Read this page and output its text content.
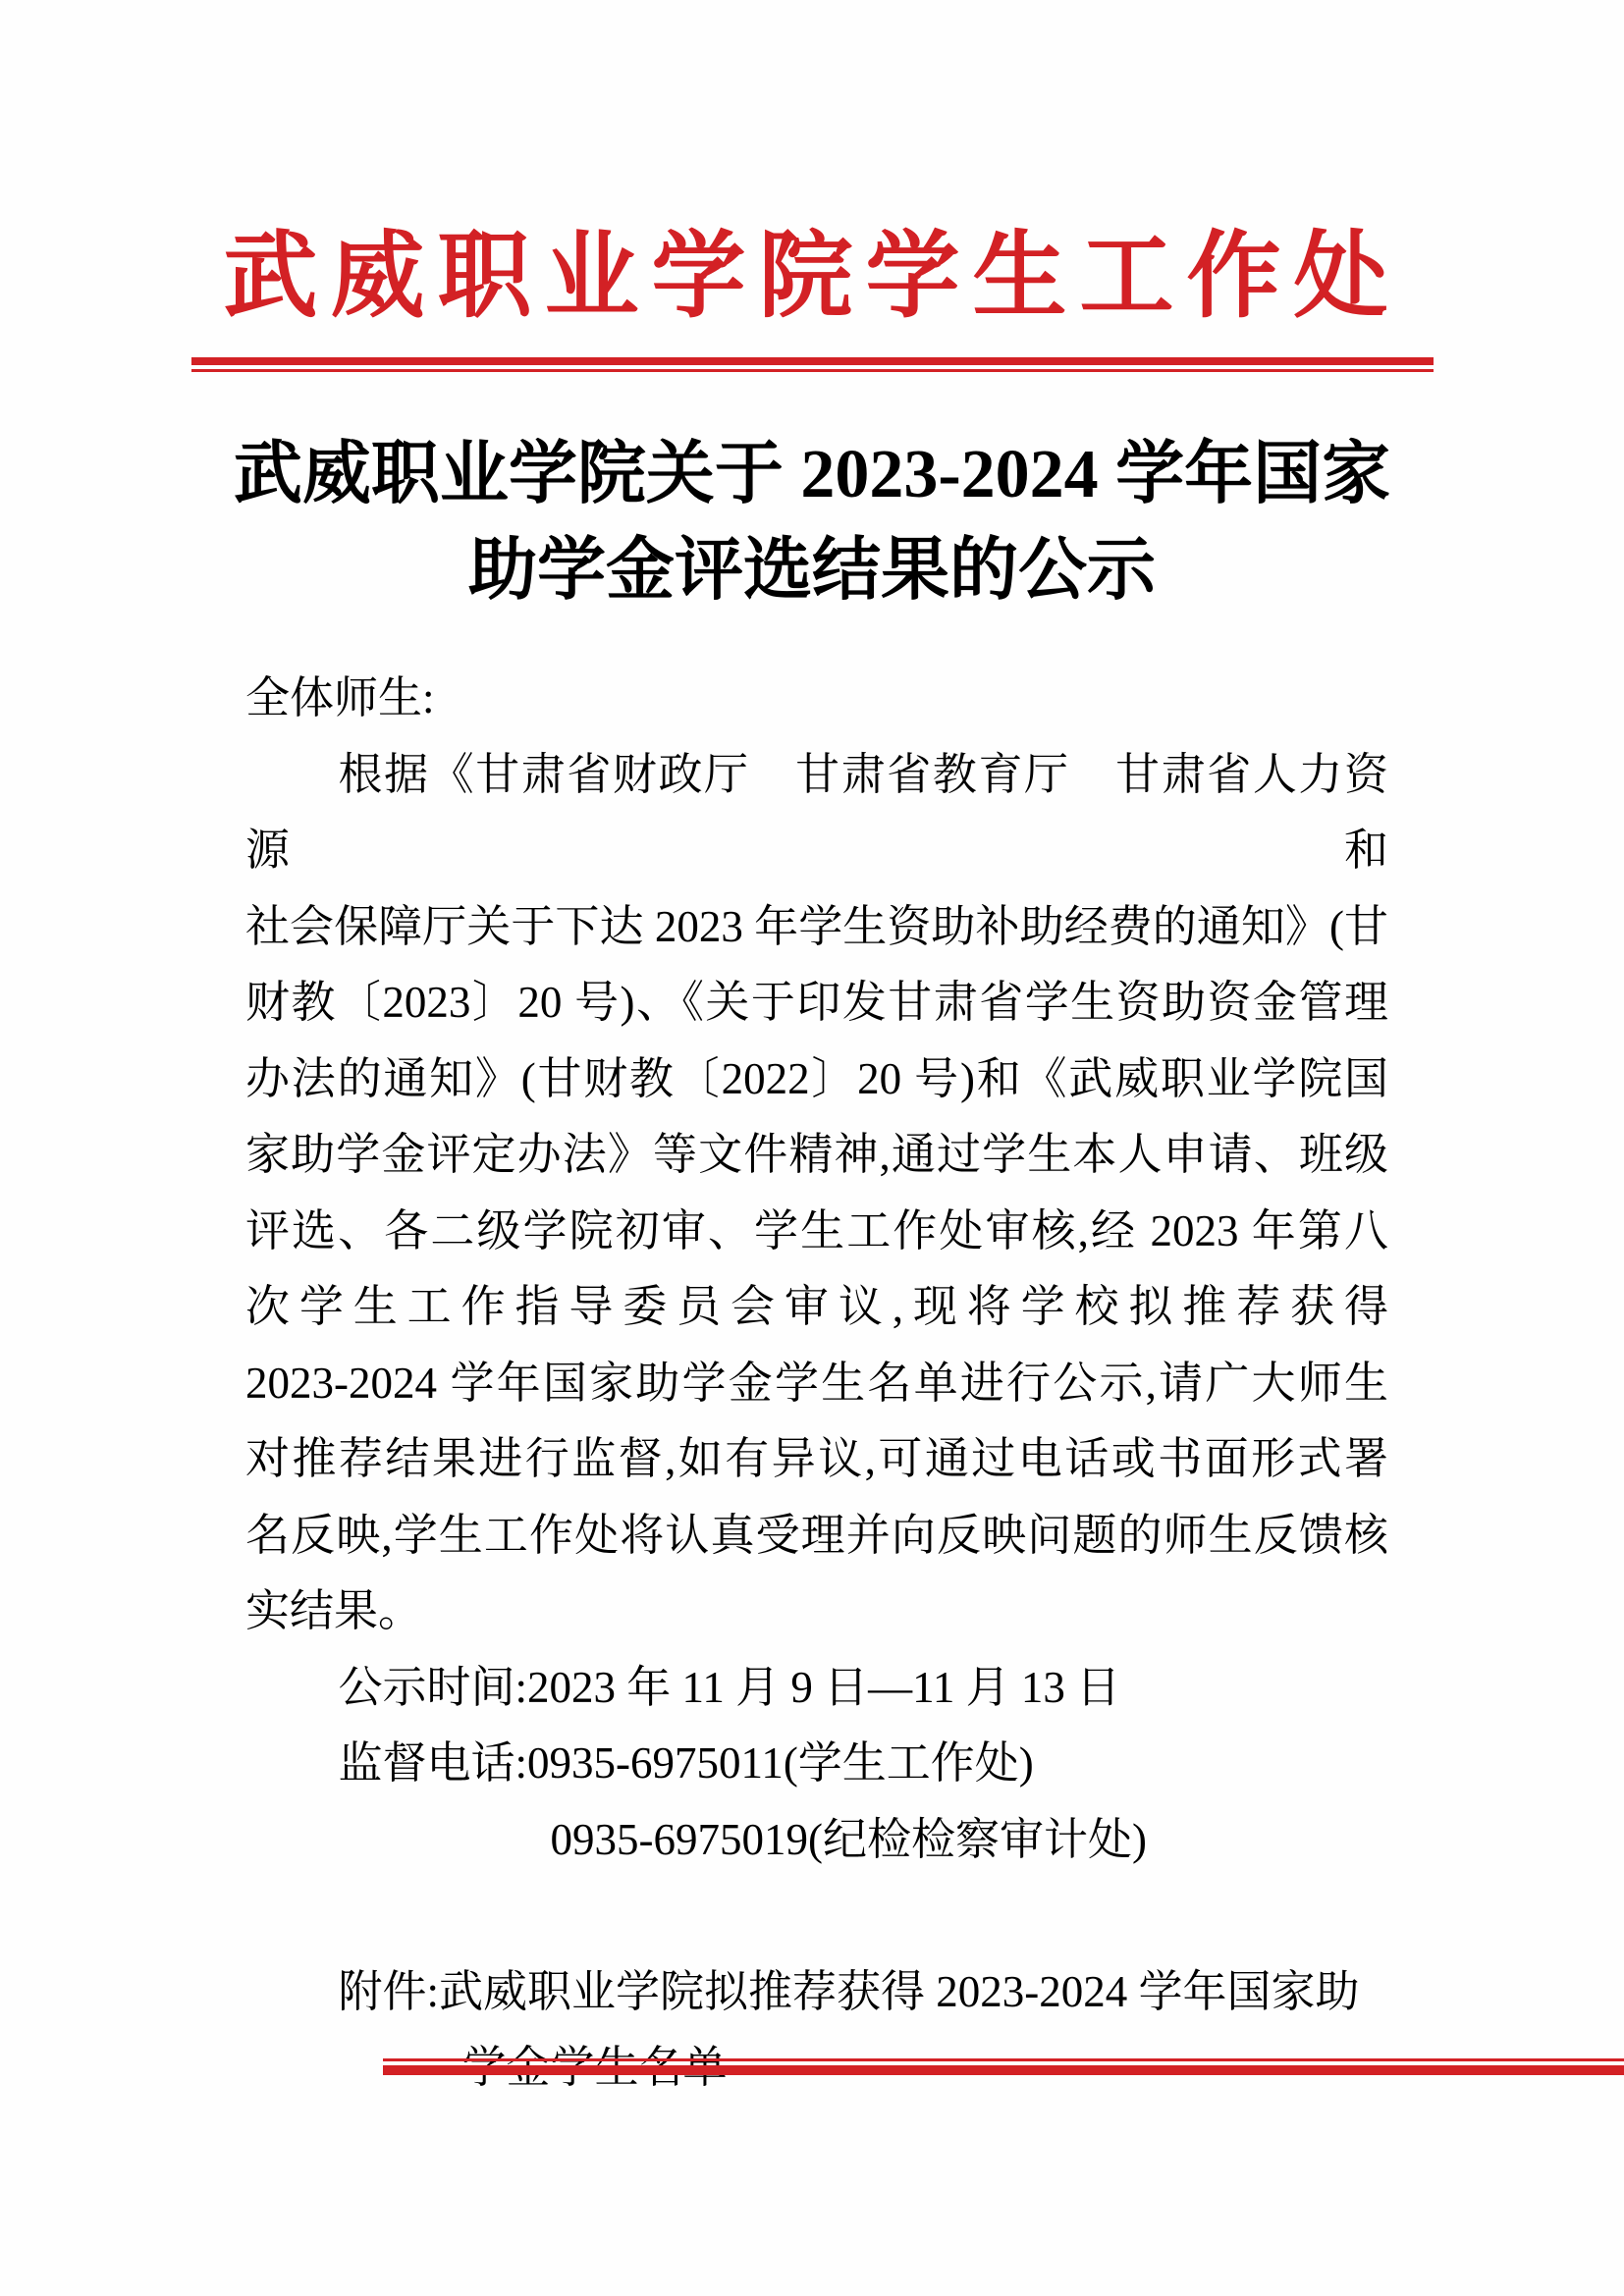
武威职业学院学生工作处
武威职业学院关于 2023-2024 学年国家
助学金评选结果的公示
全体师生:
根据《甘肃省财政厅　甘肃省教育厅　甘肃省人力资源和
社会保障厅关于下达 2023 年学生资助补助经费的通知》(甘
财教〔2023〕20 号)、《关于印发甘肃省学生资助资金管理
办法的通知》(甘财教〔2022〕20 号)和《武威职业学院国
家助学金评定办法》等文件精神,通过学生本人申请、班级
评选、各二级学院初审、学生工作处审核,经 2023 年第八
次学生工作指导委员会审议,现将学校拟推荐获得
2023-2024 学年国家助学金学生名单进行公示,请广大师生
对推荐结果进行监督,如有异议,可通过电话或书面形式署
名反映,学生工作处将认真受理并向反映问题的师生反馈核
实结果。
公示时间:2023 年 11 月 9 日—11 月 13 日
监督电话:0935-6975011(学生工作处)
0935-6975019(纪检检察审计处)
附件:武威职业学院拟推荐获得 2023-2024 学年国家助
